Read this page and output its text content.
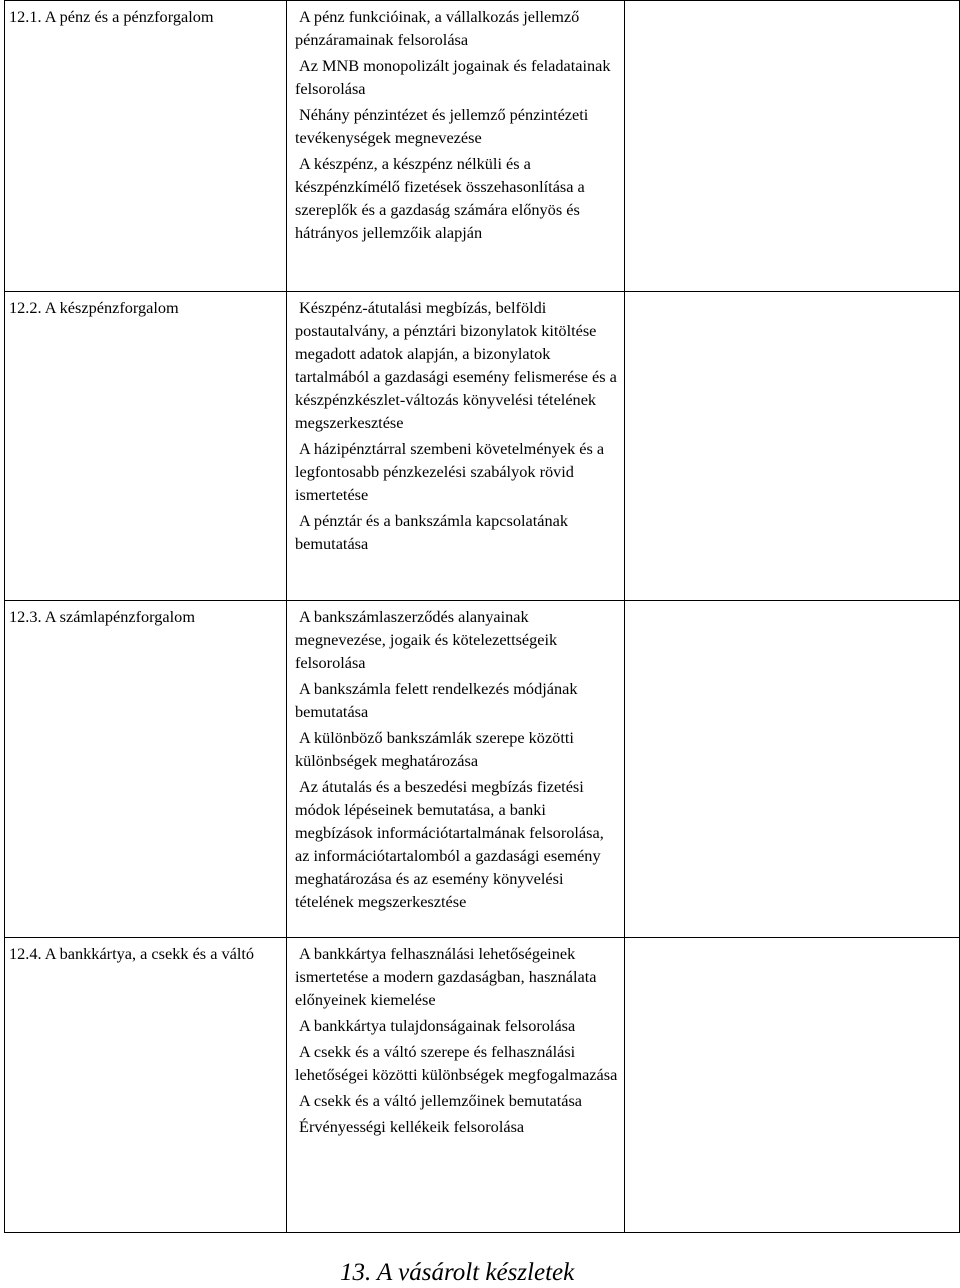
12.1. A pénz és a pénzforgalom	A pénz funkcióinak, a vállalkozás jellemző pénzáramainak felsorolása
Az MNB monopolizált jogainak és feladatainak felsorolása
Néhány pénzintézet és jellemző pénzintézeti tevékenységek megnevezése
A készpénz, a készpénz nélküli és a készpénzkímélő fizetések összehasonlítása a szereplők és a gazdaság számára előnyös és hátrányos jellemzőik alapján	

12.2. A készpénzforgalom	Készpénz-átutalási megbízás, belföldi postautalvány, a pénztári bizonylatok kitöltése megadott adatok alapján, a bizonylatok tartalmából a gazdasági esemény felismerése és a készpénzkészlet-változás könyvelési tételének megszerkesztése
A házipénztárral szembeni követelmények és a legfontosabb pénzkezelési szabályok rövid ismertetése
A pénztár és a bankszámla kapcsolatának bemutatása	

12.3. A számlapénzforgalom	A bankszámlaszerződés alanyainak megnevezése, jogaik és kötelezettségeik felsorolása
A bankszámla felett rendelkezés módjának bemutatása
A különböző bankszámlák szerepe közötti különbségek meghatározása
Az átutalás és a beszedési megbízás fizetési módok lépéseinek bemutatása, a banki megbízások információtartalmának felsorolása, az információtartalomból a gazdasági esemény meghatározása és az esemény könyvelési tételének megszerkesztése	

12.4. A bankkártya, a csekk és a váltó	A bankkártya felhasználási lehetőségeinek ismertetése a modern gazdaságban, használata előnyeinek kiemelése
A bankkártya tulajdonságainak felsorolása
A csekk és a váltó szerepe és felhasználási lehetőségei közötti különbségek megfogalmazása
A csekk és a váltó jellemzőinek bemutatása
Érvényességi kellékeik felsorolása	

13. A vásárolt készletek
